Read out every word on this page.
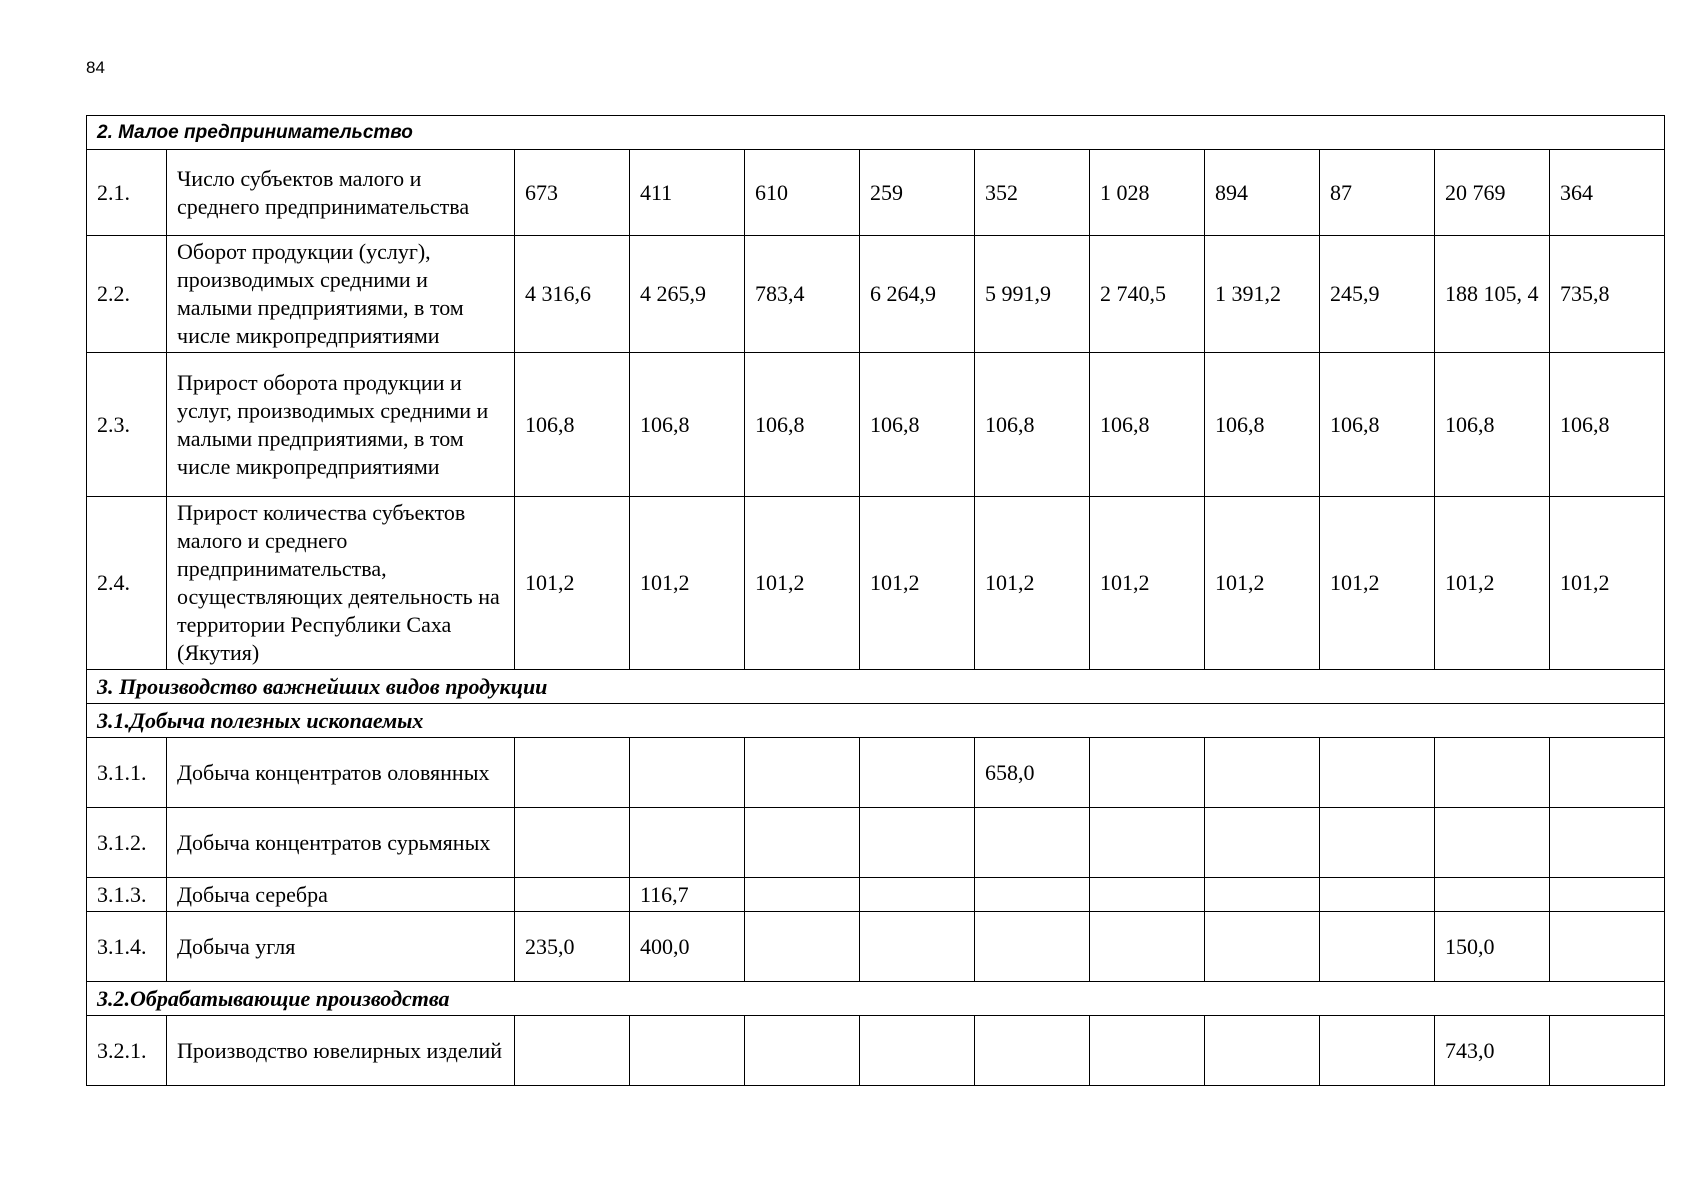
84
2. Малое предпринимательство											
2.1.	Число субъектов малого и среднего предпринимательства	673	411	610	259	352	1 028	894	87	20 769	364
2.2.	Оборот продукции (услуг), производимых средними и малыми предприятиями, в том числе микропредприятиями	4 316,6	4 265,9	783,4	6 264,9	5 991,9	2 740,5	1 391,2	245,9	188 105, 4	735,8
2.3.	Прирост оборота продукции и услуг, производимых средними и малыми предприятиями, в том числе микропредприятиями	106,8	106,8	106,8	106,8	106,8	106,8	106,8	106,8	106,8	106,8
2.4.	Прирост количества субъектов малого и среднего предпринимательства, осуществляющих деятельность на территории Республики Саха (Якутия)	101,2	101,2	101,2	101,2	101,2	101,2	101,2	101,2	101,2	101,2
3. Производство важнейших видов продукции											
3.1.Добыча полезных ископаемых											
3.1.1.	Добыча концентратов оловянных					658,0					
3.1.2.	Добыча концентратов сурьмяных										
3.1.3.	Добыча серебра		116,7								
3.1.4.	Добыча угля	235,0	400,0							150,0	
3.2.Обрабатывающие производства											
3.2.1.	Производство ювелирных изделий									743,0	
